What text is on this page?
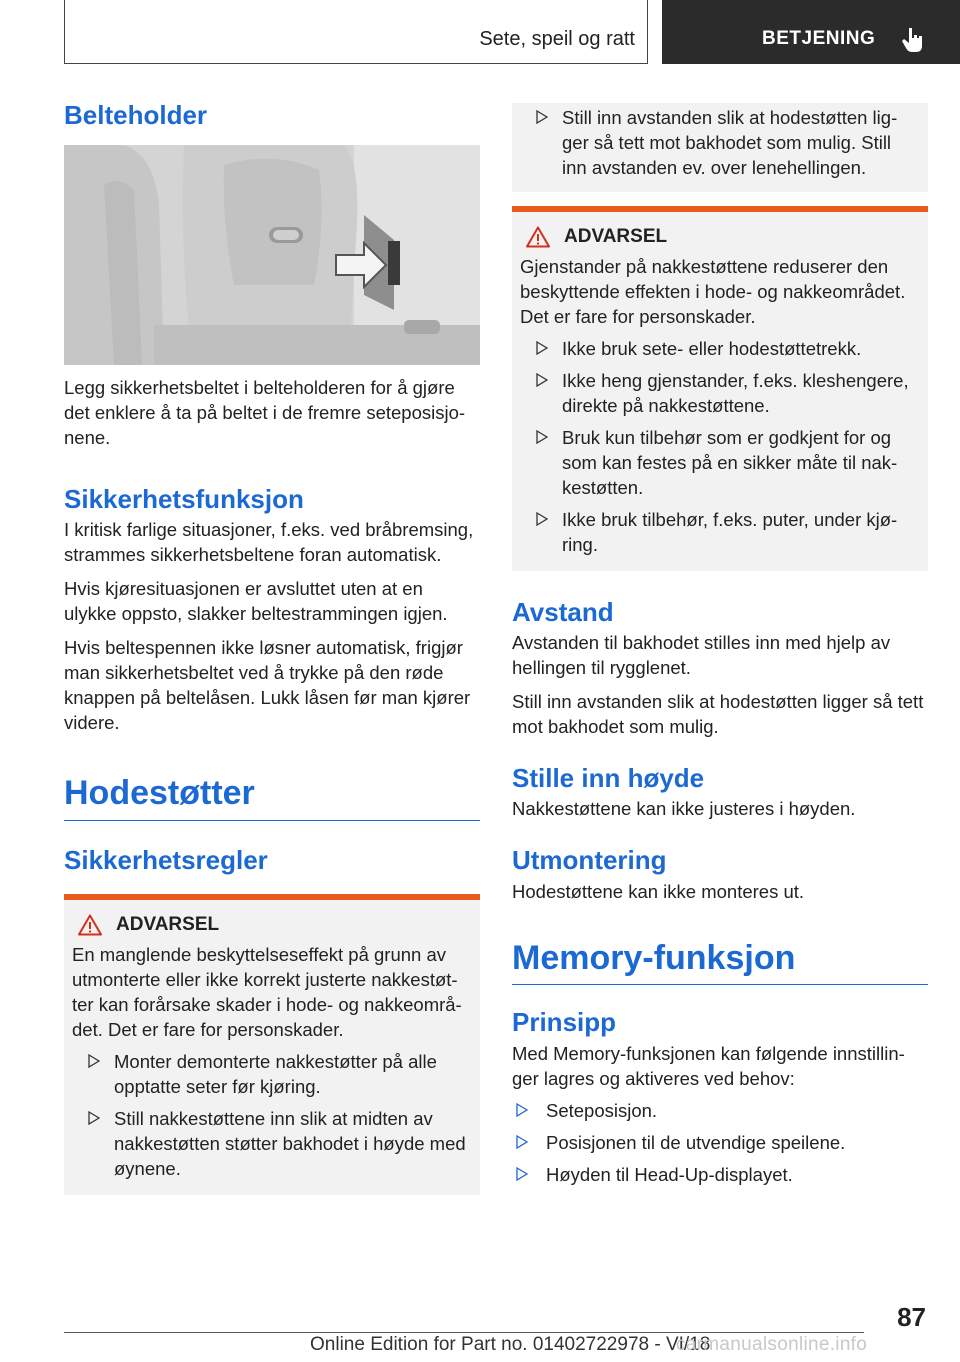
Sete, speil og ratt	BETJENING
Belteholder

Legg sikkerhetsbeltet i belteholderen for å gjøre det enklere å ta på beltet i de fremre seteposisjo-nene.

Sikkerhetsfunksjon

I kritisk farlige situasjoner, f.eks. ved bråbremsing, strammes sikkerhetsbeltene foran automatisk.

Hvis kjøresituasjonen er avsluttet uten at en ulykke oppsto, slakker beltestrammingen igjen.

Hvis beltespennen ikke løsner automatisk, frigjør man sikkerhetsbeltet ved å trykke på den røde knappen på beltelåsen. Lukk låsen før man kjører videre.

Hodestøtter
Sikkerhetsregler
ADVARSEL

En manglende beskyttelseseffekt på grunn av utmonterte eller ikke korrekt justerte nakkestøt-ter kan forårsake skader i hode- og nakkeområ-det. Det er fare for personskader.

Monter demonterte nakkestøtter på alle opptatte seter før kjøring.
Still nakkestøttene inn slik at midten av nakkestøtten støtter bakhodet i høyde med øynene.
Still inn avstanden slik at hodestøtten lig-ger så tett mot bakhodet som mulig. Still inn avstanden ev. over lenehellingen.
ADVARSEL

Gjenstander på nakkestøttene reduserer den beskyttende effekten i hode- og nakkeområdet. Det er fare for personskader.

Ikke bruk sete- eller hodestøttetrekk.
Ikke heng gjenstander, f.eks. kleshengere, direkte på nakkestøttene.
Bruk kun tilbehør som er godkjent for og som kan festes på en sikker måte til nak-kestøtten.
Ikke bruk tilbehør, f.eks. puter, under kjø-ring.
Avstand

Avstanden til bakhodet stilles inn med hjelp av hellingen til rygglenet.

Still inn avstanden slik at hodestøtten ligger så tett mot bakhodet som mulig.

Stille inn høyde

Nakkestøttene kan ikke justeres i høyden.

Utmontering

Hodestøttene kan ikke monteres ut.

Memory-funksjon
Prinsipp

Med Memory-funksjonen kan følgende innstillin-ger lagres og aktiveres ved behov:

Seteposisjon.
Posisjonen til de utvendige speilene.
Høyden til Head-Up-displayet.
87
Online Edition for Part no. 01402722978 - VI/18
carmanualsonline.info
